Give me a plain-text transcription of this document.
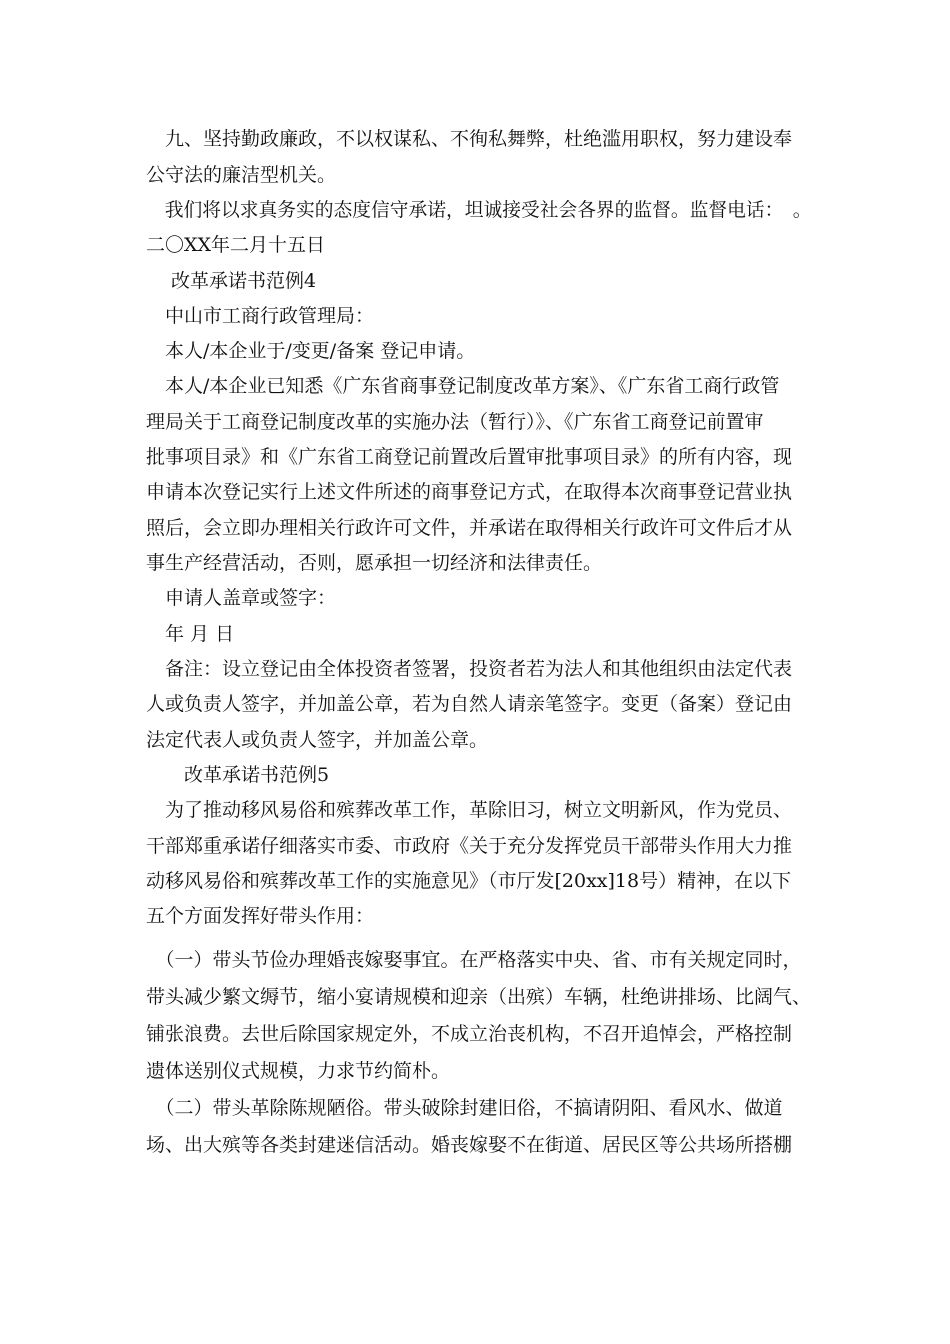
　九、坚持勤政廉政，不以权谋私、不徇私舞弊，杜绝滥用职权，努力建设奉
公守法的廉洁型机关。
　我们将以求真务实的态度信守承诺，坦诚接受社会各界的监督。监督电话：　。
二〇XX年二月十五日
　改革承诺书范例4
　中山市工商行政管理局：
　本人/本企业于/变更/备案 登记申请。
　本人/本企业已知悉《广东省商事登记制度改革方案》、《广东省工商行政管
理局关于工商登记制度改革的实施办法（暂行）》、《广东省工商登记前置审
批事项目录》和《广东省工商登记前置改后置审批事项目录》的所有内容，现
申请本次登记实行上述文件所述的商事登记方式，在取得本次商事登记营业执
照后，会立即办理相关行政许可文件，并承诺在取得相关行政许可文件后才从
事生产经营活动，否则，愿承担一切经济和法律责任。
　申请人盖章或签字：
　年 月 日
　备注：设立登记由全体投资者签署，投资者若为法人和其他组织由法定代表
人或负责人签字，并加盖公章，若为自然人请亲笔签字。变更（备案）登记由
法定代表人或负责人签字，并加盖公章。
　　改革承诺书范例5
　为了推动移风易俗和殡葬改革工作，革除旧习，树立文明新风，作为党员、
干部郑重承诺仔细落实市委、市政府《关于充分发挥党员干部带头作用大力推
动移风易俗和殡葬改革工作的实施意见》（市厅发[20xx]18号）精神，在以下
五个方面发挥好带头作用：
　（一）带头节俭办理婚丧嫁娶事宜。在严格落实中央、省、市有关规定同时，
带头减少繁文缛节，缩小宴请规模和迎亲（出殡）车辆，杜绝讲排场、比阔气、
铺张浪费。去世后除国家规定外，不成立治丧机构，不召开追悼会，严格控制
遗体送别仪式规模，力求节约简朴。
　（二）带头革除陈规陋俗。带头破除封建旧俗，不搞请阴阳、看风水、做道
场、出大殡等各类封建迷信活动。婚丧嫁娶不在街道、居民区等公共场所搭棚
